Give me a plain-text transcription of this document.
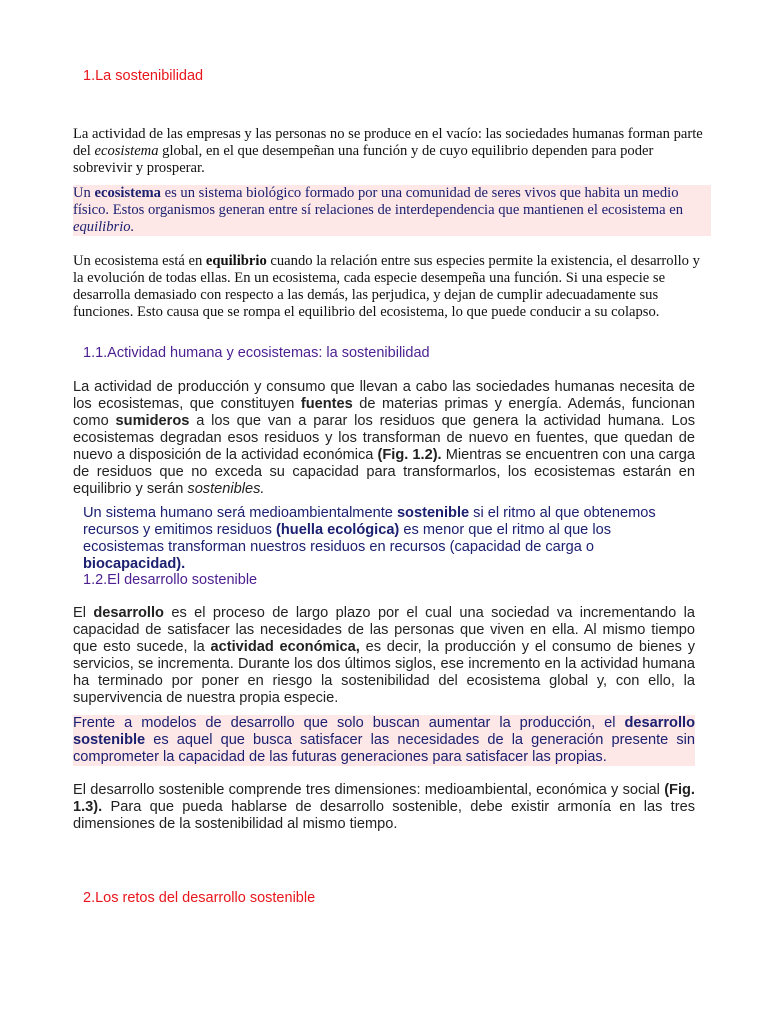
1.La sostenibilidad

La actividad de las empresas y las personas no se produce en el vacío: las sociedades humanas forman parte del ecosistema global, en el que desempeñan una función y de cuyo equilibrio dependen para poder sobrevivir y prosperar.

Un ecosistema es un sistema biológico formado por una comunidad de seres vivos que habita un medio físico. Estos organismos generan entre sí relaciones de interdependencia que mantienen el ecosistema en equilibrio.

Un ecosistema está en equilibrio cuando la relación entre sus especies permite la existencia, el desarrollo y la evolución de todas ellas. En un ecosistema, cada especie desempeña una función. Si una especie se desarrolla demasiado con respecto a las demás, las perjudica, y dejan de cumplir adecuadamente sus funciones. Esto causa que se rompa el equilibrio del ecosistema, lo que puede conducir a su colapso.

1.1.Actividad humana y ecosistemas: la sostenibilidad

La actividad de producción y consumo que llevan a cabo las sociedades humanas necesita de los ecosistemas, que constituyen fuentes de materias primas y energía. Además, funcionan como sumideros a los que van a parar los residuos que genera la actividad humana. Los ecosistemas degradan esos residuos y los transforman de nuevo en fuentes, que quedan de nuevo a disposición de la actividad económica (Fig. 1.2). Mientras se encuentren con una carga de residuos que no exceda su capacidad para transformarlos, los ecosistemas estarán en equilibrio y serán sostenibles.

Un sistema humano será medioambientalmente sostenible si el ritmo al que obtenemos recursos y emitimos residuos (huella ecológica) es menor que el ritmo al que los ecosistemas transforman nuestros residuos en recursos (capacidad de carga o biocapacidad).

1.2.El desarrollo sostenible

El desarrollo es el proceso de largo plazo por el cual una sociedad va incrementando la capacidad de satisfacer las necesidades de las personas que viven en ella. Al mismo tiempo que esto sucede, la actividad económica, es decir, la producción y el consumo de bienes y servicios, se incrementa. Durante los dos últimos siglos, ese incremento en la actividad humana ha terminado por poner en riesgo la sostenibilidad del ecosistema global y, con ello, la supervivencia de nuestra propia especie.

Frente a modelos de desarrollo que solo buscan aumentar la producción, el desarrollo sostenible es aquel que busca satisfacer las necesidades de la generación presente sin comprometer la capacidad de las futuras generaciones para satisfacer las propias.

El desarrollo sostenible comprende tres dimensiones: medioambiental, económica y social (Fig. 1.3). Para que pueda hablarse de desarrollo sostenible, debe existir armonía en las tres dimensiones de la sostenibilidad al mismo tiempo.

2.Los retos del desarrollo sostenible
